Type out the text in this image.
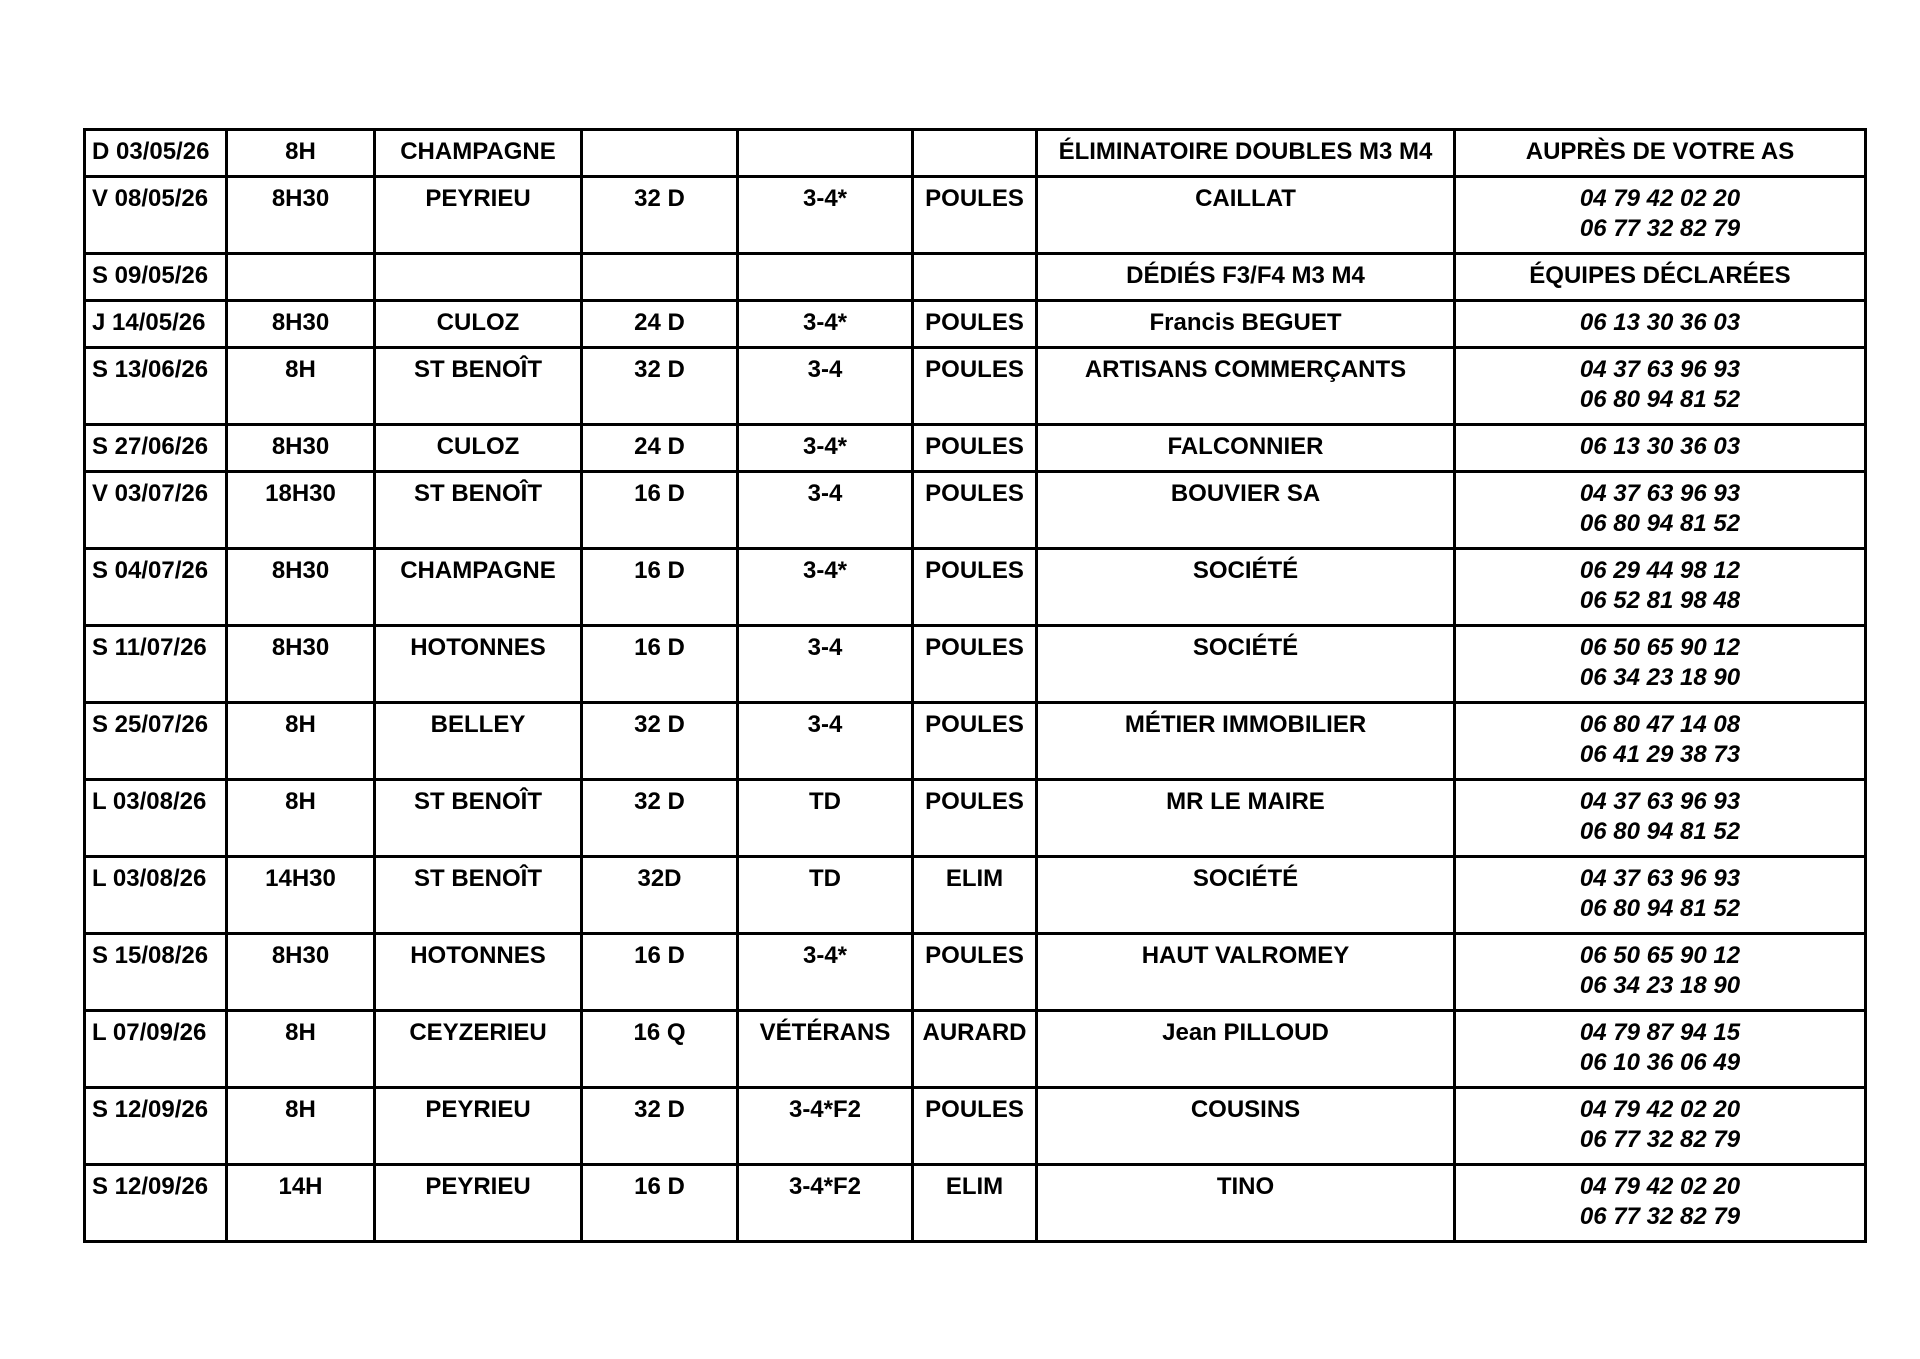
D 03/05/26	8H	CHAMPAGNE				ÉLIMINATOIRE DOUBLES M3 M4	AUPRÈS DE VOTRE AS

V 08/05/26	8H30	PEYRIEU	32 D	3-4*	POULES	CAILLAT	04 79 42 02 20
06 77 32 82 79

S 09/05/26						DÉDIÉS F3/F4 M3 M4	ÉQUIPES DÉCLARÉES

J 14/05/26	8H30	CULOZ	24 D	3-4*	POULES	Francis BEGUET	06 13 30 36 03

S 13/06/26	8H	ST BENOÎT	32 D	3-4	POULES	ARTISANS COMMERÇANTS	04 37 63 96 93
06 80 94 81 52

S 27/06/26	8H30	CULOZ	24 D	3-4*	POULES	FALCONNIER	06 13 30 36 03

V 03/07/26	18H30	ST BENOÎT	16 D	3-4	POULES	BOUVIER SA	04 37 63 96 93
06 80 94 81 52

S 04/07/26	8H30	CHAMPAGNE	16 D	3-4*	POULES	SOCIÉTÉ	06 29 44 98 12
06 52 81 98 48

S 11/07/26	8H30	HOTONNES	16 D	3-4	POULES	SOCIÉTÉ	06 50 65 90 12
06 34 23 18 90

S 25/07/26	8H	BELLEY	32 D	3-4	POULES	MÉTIER IMMOBILIER	06 80 47 14 08
06 41 29 38 73

L 03/08/26	8H	ST BENOÎT	32 D	TD	POULES	MR LE MAIRE	04 37 63 96 93
06 80 94 81 52

L 03/08/26	14H30	ST BENOÎT	32D	TD	ELIM	SOCIÉTÉ	04 37 63 96 93
06 80 94 81 52

S 15/08/26	8H30	HOTONNES	16 D	3-4*	POULES	HAUT VALROMEY	06 50 65 90 12
06 34 23 18 90

L 07/09/26	8H	CEYZERIEU	16 Q	VÉTÉRANS	AURARD	Jean PILLOUD	04 79 87 94 15
06 10 36 06 49

S 12/09/26	8H	PEYRIEU	32 D	3-4*F2	POULES	COUSINS	04 79 42 02 20
06 77 32 82 79

S 12/09/26	14H	PEYRIEU	16 D	3-4*F2	ELIM	TINO	04 79 42 02 20
06 77 32 82 79
